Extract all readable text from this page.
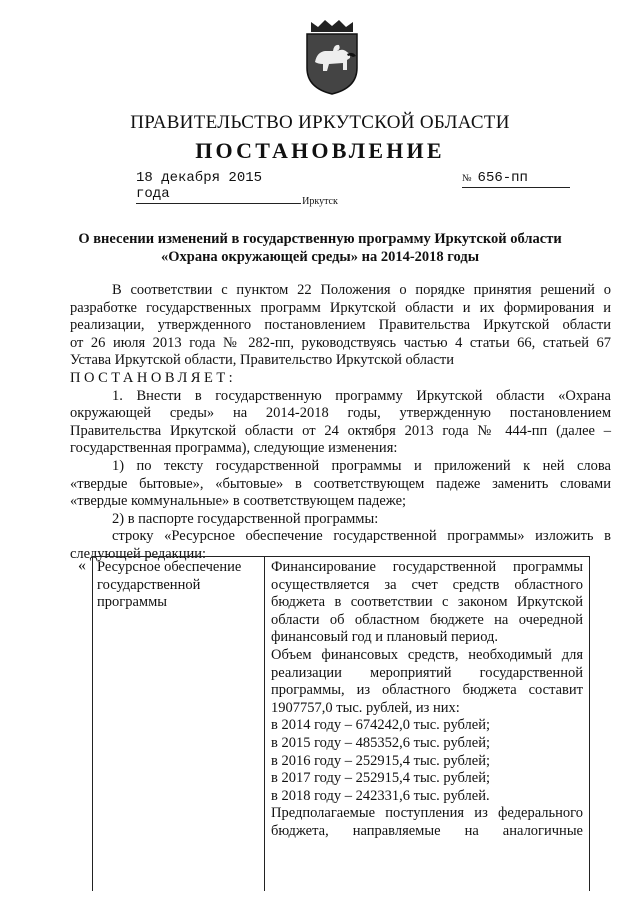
ПРАВИТЕЛЬСТВО ИРКУТСКОЙ ОБЛАСТИ
ПОСТАНОВЛЕНИЕ
18 декабря 2015 года
№ 656-пп
Иркутск
О внесении изменений в государственную программу Иркутской области
«Охрана окружающей среды» на 2014-2018 годы

В соответствии с пунктом 22 Положения о порядке принятия решений о

разработке государственных программ Иркутской области и их формирования и

реализации, утвержденного постановлением Правительства Иркутской области

от 26 июля 2013 года № 282-пп, руководствуясь частью 4 статьи 66, статьей 67

Устава Иркутской области, Правительство Иркутской области

ПОСТАНОВЛЯЕТ:

1. Внести в государственную программу Иркутской области «Охрана

окружающей среды» на 2014-2018 годы, утвержденную постановлением

Правительства Иркутской области от 24 октября 2013 года № 444-пп (далее –

государственная программа), следующие изменения:

1) по тексту государственной программы и приложений к ней слова

«твердые бытовые», «бытовые» в соответствующем падеже заменить словами

«твердые коммунальные» в соответствующем падеже;

2) в паспорте государственной программы:

строку «Ресурсное обеспечение государственной программы» изложить в

следующей редакции:

« Ресурсное обеспечение

государственной

программы

Финансирование государственной программы

осуществляется за счет средств областного

бюджета в соответствии с законом Иркутской

области об областном бюджете на очередной

финансовый год и плановый период.

Объем финансовых средств, необходимый для

реализации мероприятий государственной

программы, из областного бюджета составит

1907757,0 тыс. рублей, из них:

в 2014 году – 674242,0 тыс. рублей;

в 2015 году – 485352,6 тыс. рублей;

в 2016 году – 252915,4 тыс. рублей;

в 2017 году – 252915,4 тыс. рублей;

в 2018 году – 242331,6 тыс. рублей.

Предполагаемые поступления из федерального

бюджета, направляемые на аналогичные
